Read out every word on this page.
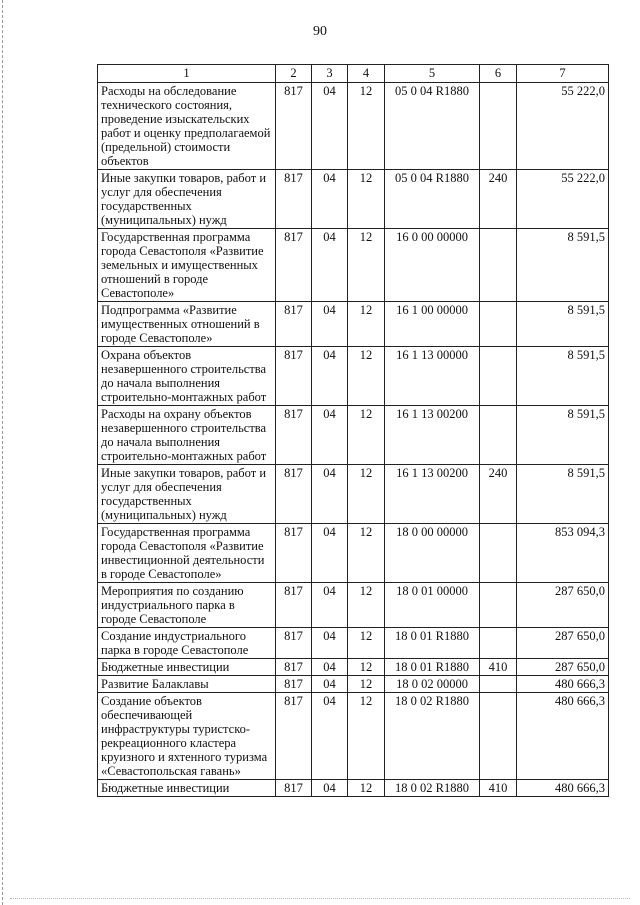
90
1	2	3	4	5	6	7
Расходы на обследование технического состояния, проведение изыскательских работ и оценку предполагаемой (предельной) стоимости объектов	817	04	12	05 0 04 R1880		55 222,0
Иные закупки товаров, работ и услуг для обеспечения государственных (муниципальных) нужд	817	04	12	05 0 04 R1880	240	55 222,0
Государственная программа города Севастополя «Развитие земельных и имущественных отношений в городе Севастополе»	817	04	12	16 0 00 00000		8 591,5
Подпрограмма «Развитие имущественных отношений в городе Севастополе»	817	04	12	16 1 00 00000		8 591,5
Охрана объектов незавершенного строительства до начала выполнения строительно-монтажных работ	817	04	12	16 1 13 00000		8 591,5
Расходы на охрану объектов незавершенного строительства до начала выполнения строительно-монтажных работ	817	04	12	16 1 13 00200		8 591,5
Иные закупки товаров, работ и услуг для обеспечения государственных (муниципальных) нужд	817	04	12	16 1 13 00200	240	8 591,5
Государственная программа города Севастополя «Развитие инвестиционной деятельности в городе Севастополе»	817	04	12	18 0 00 00000		853 094,3
Мероприятия по созданию индустриального парка в городе Севастополе	817	04	12	18 0 01 00000		287 650,0
Создание индустриального парка в городе Севастополе	817	04	12	18 0 01 R1880		287 650,0
Бюджетные инвестиции	817	04	12	18 0 01 R1880	410	287 650,0
Развитие Балаклавы	817	04	12	18 0 02 00000		480 666,3
Создание объектов обеспечивающей инфраструктуры туристско-рекреационного кластера круизного и яхтенного туризма «Севастопольская гавань»	817	04	12	18 0 02 R1880		480 666,3
Бюджетные инвестиции	817	04	12	18 0 02 R1880	410	480 666,3
